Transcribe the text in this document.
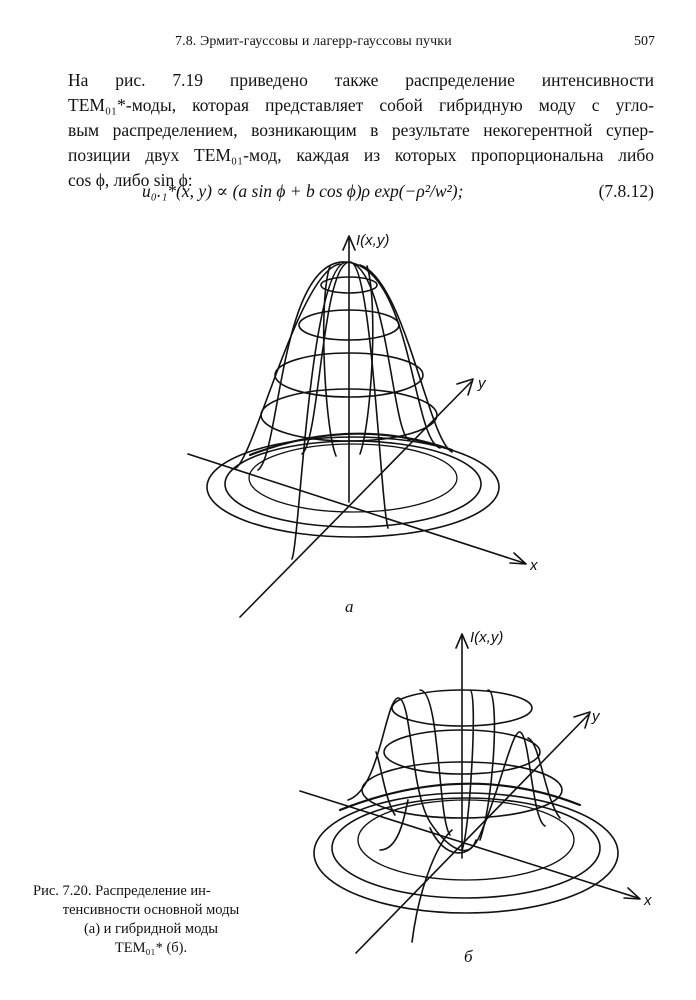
7.8. Эрмит-гауссовы и лагерр-гауссовы пучки	507
На рис. 7.19 приведено также распределение интенсивности
TEM₀₁*-моды, которая представляет собой гибридную моду с угло-
вым распределением, возникающим в результате некогерентной супер-
позиции двух TEM₀₁-мод, каждая из которых пропорциональна либо
cos ϕ, либо sin ϕ:
u₀.₁*(x, y) ∝ (a sin ϕ + b cos ϕ)ρ exp(−ρ²/w²);	(7.8.12)
I(x,y)
y
x
а
I(x,y)
y
x
б
Рис. 7.20. Распределение ин-
тенсивности основной моды
(а) и гибридной моды
TEM₀₁* (б).
